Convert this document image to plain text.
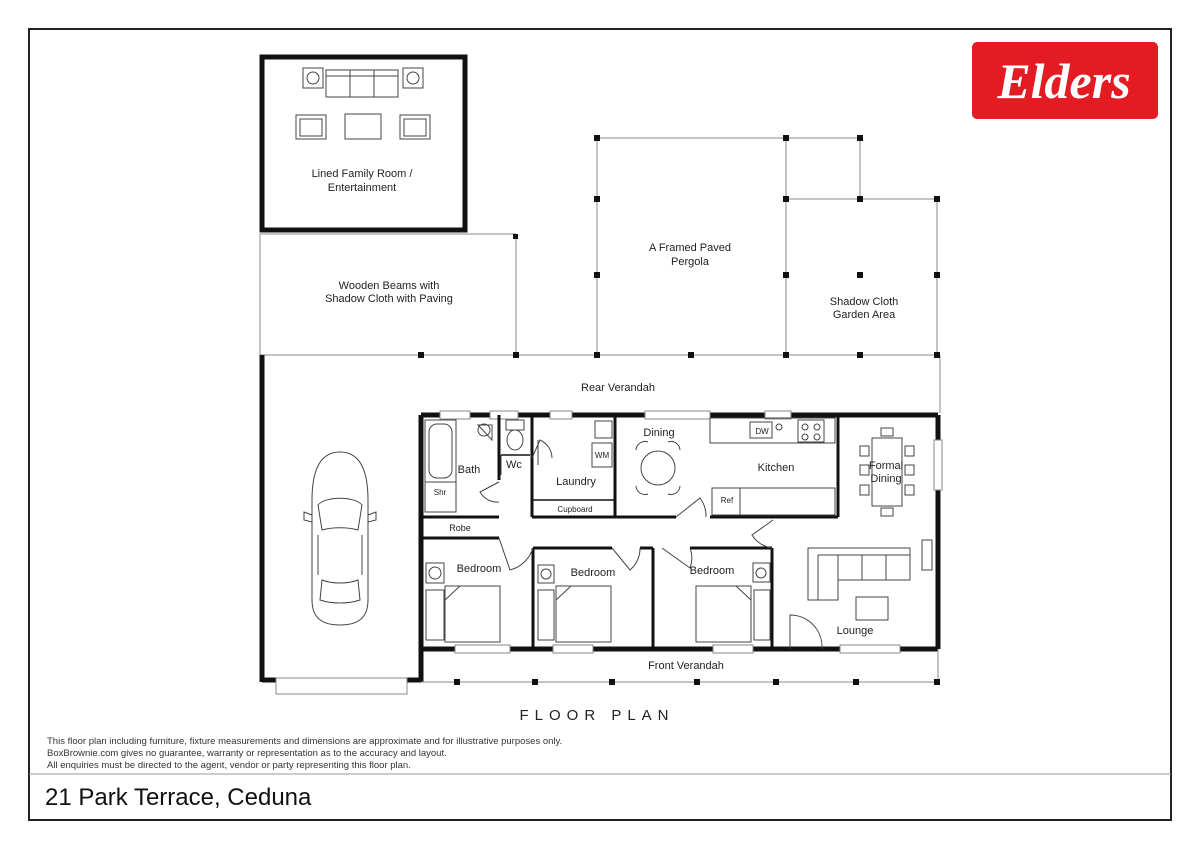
Elders
Lined Family Room /
Entertainment
Wooden Beams with
Shadow Cloth with Paving
A Framed Paved
Pergola
Shadow Cloth
Garden Area
Rear Verandah
Bath
Shr
Wc
WM
Laundry
Cupboard
Dining	DW
Kitchen
Ref
Formal
Dining
Robe
Bedroom	Bedroom	Bedroom
Lounge
Front Verandah
FLOOR PLAN
This floor plan including furniture, fixture measurements and dimensions are approximate and for illustrative purposes only.
BoxBrownie.com gives no guarantee, warranty or representation as to the accuracy and layout.
All enquiries must be directed to the agent, vendor or party representing this floor plan.
21 Park Terrace, Ceduna
